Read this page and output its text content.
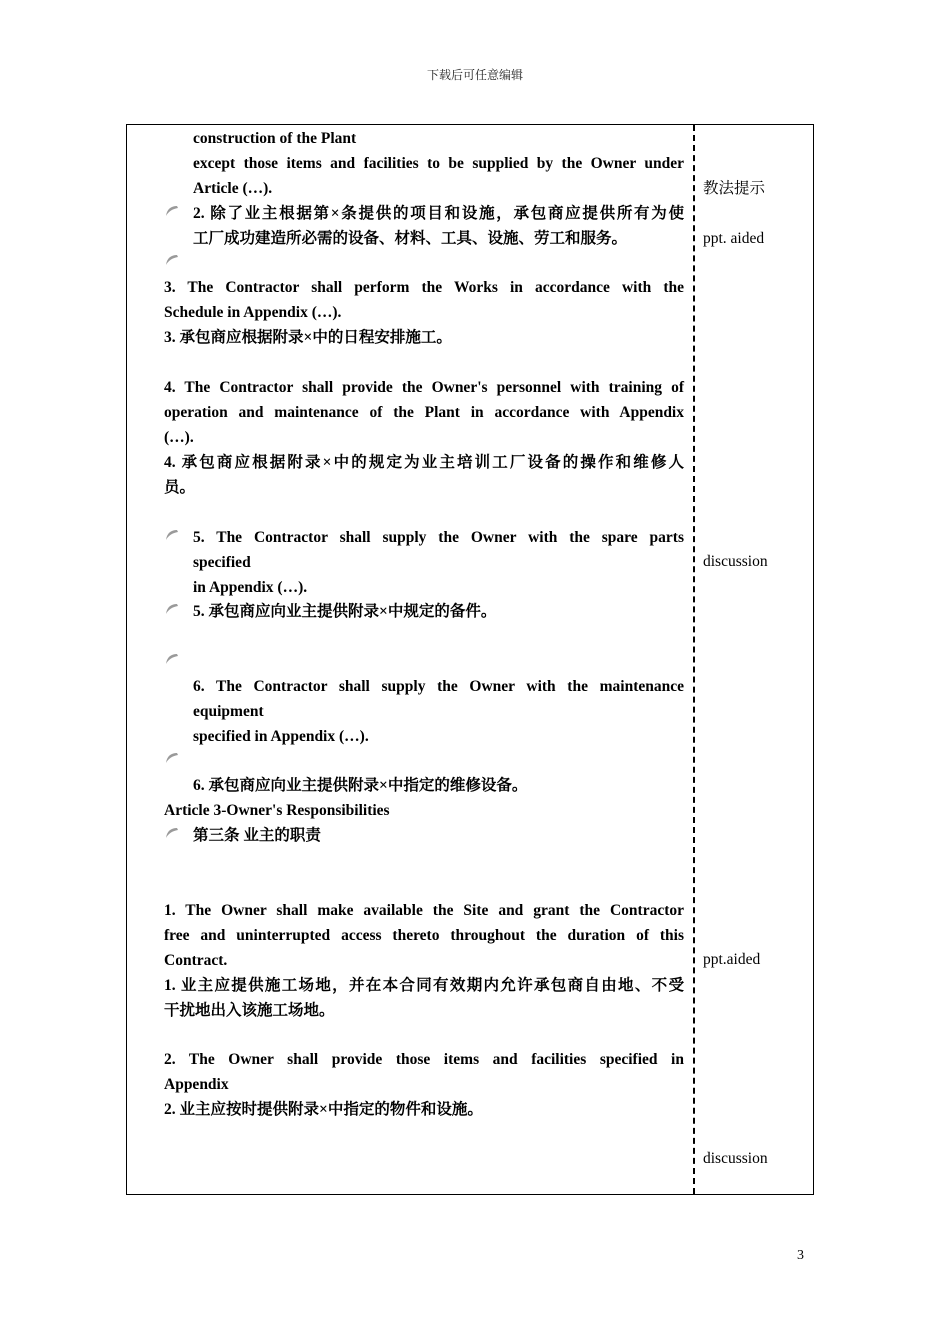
下载后可任意编辑
construction of the Plant
except those items and facilities to be supplied by the Owner under
Article (…).
2. 除了业主根据第×条提供的项目和设施，承包商应提供所有为使
工厂成功建造所必需的设备、材料、工具、设施、劳工和服务。
3. The Contractor shall perform the Works in accordance with the
Schedule in Appendix (…).
3. 承包商应根据附录×中的日程安排施工。
4. The Contractor shall provide the Owner's personnel with training of
operation and maintenance of the Plant in accordance with Appendix
(…).
4. 承包商应根据附录×中的规定为业主培训工厂设备的操作和维修人
员。
5. The Contractor shall supply the Owner with the spare parts
specified
in Appendix (…).
5. 承包商应向业主提供附录×中规定的备件。
6. The Contractor shall supply the Owner with the maintenance
equipment
specified in Appendix (…).
6. 承包商应向业主提供附录×中指定的维修设备。
Article 3-Owner's Responsibilities
第三条 业主的职责
1. The Owner shall make available the Site and grant the Contractor
free and uninterrupted access thereto throughout the duration of this
Contract.
1. 业主应提供施工场地，并在本合同有效期内允许承包商自由地、不受
干扰地出入该施工场地。
2. The Owner shall provide those items and facilities specified in
Appendix
2. 业主应按时提供附录×中指定的物件和设施。
教法提示
ppt. aided
discussion
ppt.aided
discussion
3
